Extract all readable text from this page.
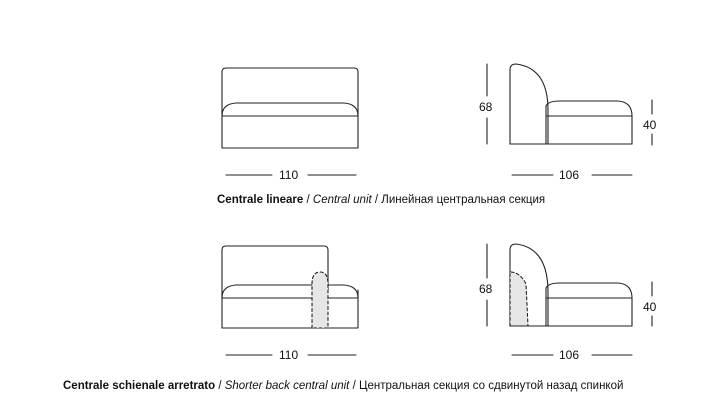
110
68
40
106
Centrale lineare / Central unit / Линейная центральная секция
110
68
40
106
Centrale schienale arretrato / Shorter back central unit / Центральная секция со сдвинутой назад спинкой
